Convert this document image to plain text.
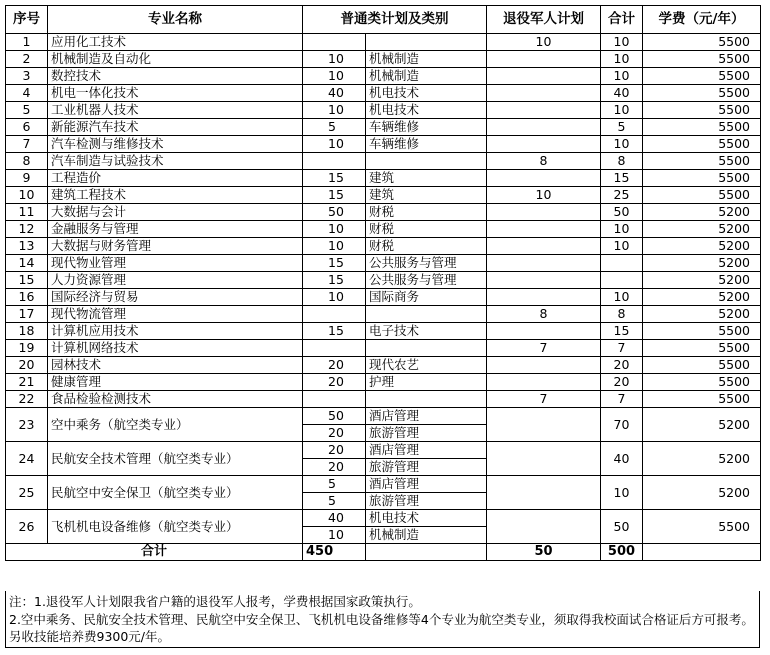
序号	专业名称	普通类计划及类别		退役军人计划	合计	学费（元/年）
1	应用化工技术			10	10	5500
2	机械制造及自动化	10	机械制造		10	5500
3	数控技术	10	机械制造		10	5500
4	机电一体化技术	40	机电技术		40	5500
5	工业机器人技术	10	机电技术		10	5500
6	新能源汽车技术	5	车辆维修		5	5500
7	汽车检测与维修技术	10	车辆维修		10	5500
8	汽车制造与试验技术			8	8	5500
9	工程造价	15	建筑		15	5500
10	建筑工程技术	15	建筑	10	25	5500
11	大数据与会计	50	财税		50	5200
12	金融服务与管理	10	财税		10	5200
13	大数据与财务管理	10	财税		10	5200
14	现代物业管理	15	公共服务与管理			5200
15	人力资源管理	15	公共服务与管理			5200
16	国际经济与贸易	10	国际商务		10	5200
17	现代物流管理			8	8	5200
18	计算机应用技术	15	电子技术		15	5500
19	计算机网络技术			7	7	5500
20	园林技术	20	现代农艺		20	5500
21	健康管理	20	护理		20	5500
22	食品检验检测技术			7	7	5500
23	空中乘务（航空类专业）	50	酒店管理		70	5200
		20	旅游管理			
24	民航安全技术管理（航空类专业）	20	酒店管理		40	5200
		20	旅游管理			
25	民航空中安全保卫（航空类专业）	5	酒店管理		10	5200
		5	旅游管理			
26	飞机机电设备维修（航空类专业）	40	机电技术		50	5500
		10	机械制造			
合计		450		50	500	
注：1.退役军人计划限我省户籍的退役军人报考，学费根据国家政策执行。
2.空中乘务、民航安全技术管理、民航空中安全保卫、飞机机电设备维修等4个专业为航空类专业，须取得我校面试合格证后方可报考。另收技能培养费9300元/年。
